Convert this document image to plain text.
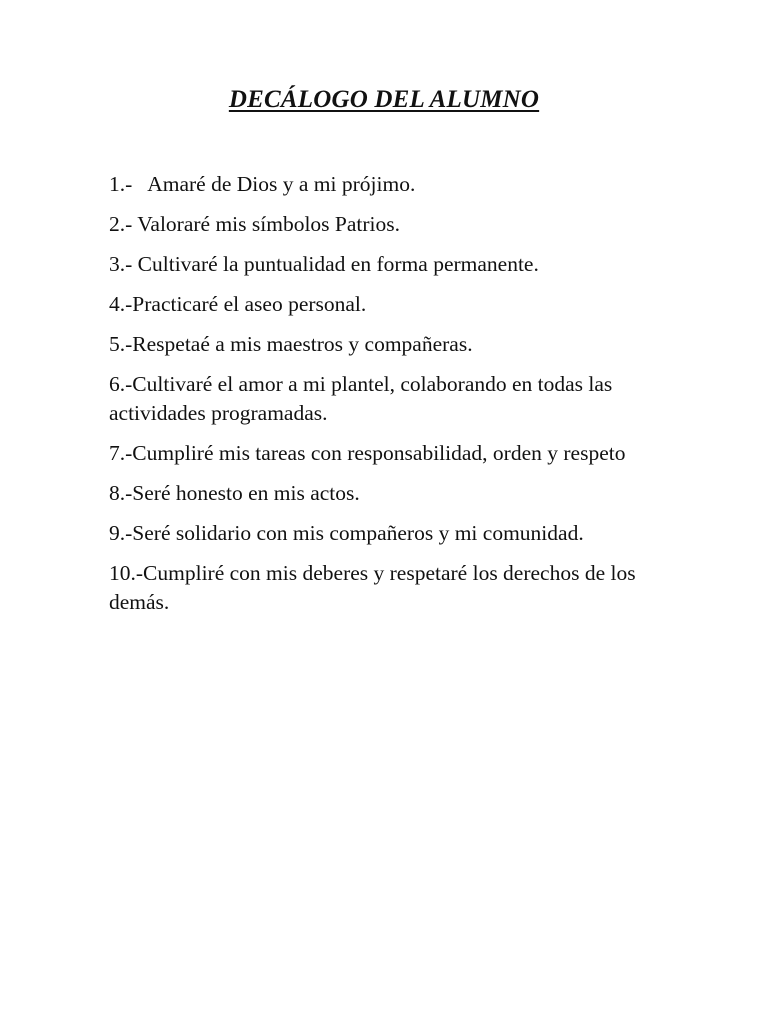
DECÁLOGO DEL ALUMNO
1.-   Amaré de Dios y a mi prójimo.
2.- Valoraré mis símbolos Patrios.
3.- Cultivaré la puntualidad en forma permanente.
4.-Practicaré el aseo personal.
5.-Respetaé a mis maestros y compañeras.
6.-Cultivaré el amor a mi plantel, colaborando en todas las actividades programadas.
7.-Cumpliré mis tareas con responsabilidad, orden y respeto
8.-Seré honesto en mis actos.
9.-Seré solidario con mis compañeros y mi comunidad.
10.-Cumpliré con mis deberes y respetaré los derechos de los demás.
